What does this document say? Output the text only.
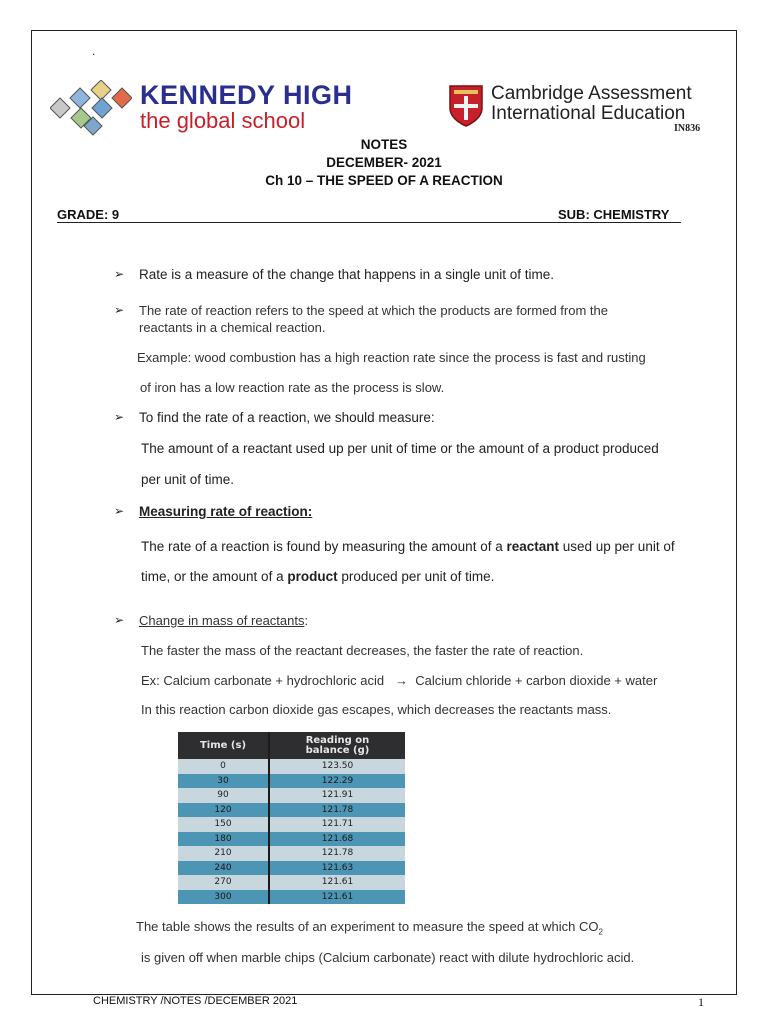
.
KENNEDY HIGH
the global school
Cambridge Assessment
International Education
IN836
NOTES
DECEMBER- 2021
Ch 10 – THE SPEED OF A REACTION
GRADE: 9	SUB: CHEMISTRY
➢ Rate is a measure of the change that happens in a single unit of time.
➢ The rate of reaction refers to the speed at which the products are formed from the
reactants in a chemical reaction.
Example: wood combustion has a high reaction rate since the process is fast and rusting
of iron has a low reaction rate as the process is slow.
➢ To find the rate of a reaction, we should measure:
The amount of a reactant used up per unit of time or the amount of a product produced
per unit of time.
➢ Measuring rate of reaction:
The rate of a reaction is found by measuring the amount of a reactant used up per unit of
time, or the amount of a product produced per unit of time.
➢ Change in mass of reactants:
The faster the mass of the reactant decreases, the faster the rate of reaction.
Ex: Calcium carbonate + hydrochloric acid → Calcium chloride + carbon dioxide + water
In this reaction carbon dioxide gas escapes, which decreases the reactants mass.
Time (s)	Reading on
balance (g)
0	123.50
30	122.29
90	121.91
120	121.78
150	121.71
180	121.68
210	121.78
240	121.63
270	121.61
300	121.61
The table shows the results of an experiment to measure the speed at which $CO_2$
is given off when marble chips (Calcium carbonate) react with dilute hydrochloric acid.
CHEMISTRY /NOTES /DECEMBER 2021	1
